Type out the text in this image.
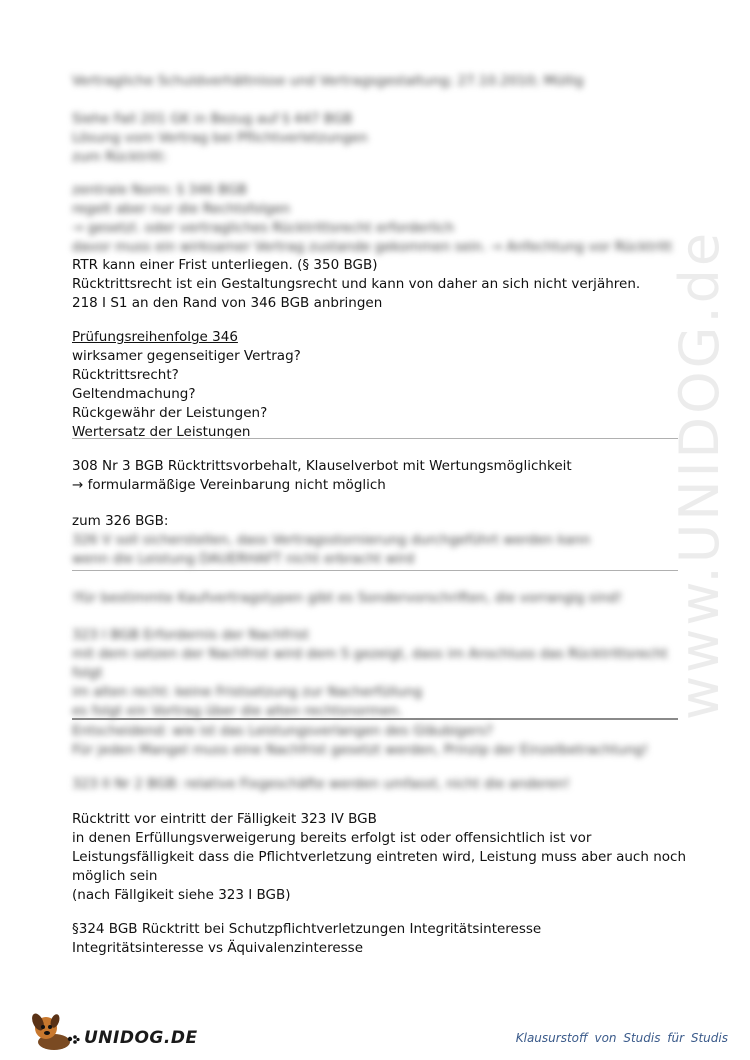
www.UNIDOG.de
Vertragliche Schuldverhältnisse und Vertragsgestaltung; 27.10.2010; Müllig
Siehe Fall 201 GK in Bezug auf § 447 BGB
Lösung vom Vertrag bei Pflichtverletzungen
zum Rücktritt:
zentrale Norm: § 346 BGB
regelt aber nur die Rechtsfolgen
→ gesetzl. oder vertragliches Rücktrittsrecht erforderlich
davor muss ein wirksamer Vertrag zustande gekommen sein. → Anfechtung vor Rücktritt
RTR kann einer Frist unterliegen. (§ 350 BGB)
Rücktrittsrecht ist ein Gestaltungsrecht und kann von daher an sich nicht verjähren.
218 I S1 an den Rand von 346 BGB anbringen
Prüfungsreihenfolge 346
wirksamer gegenseitiger Vertrag?
Rücktrittsrecht?
Geltendmachung?
Rückgewähr der Leistungen?
Wertersatz der Leistungen
308 Nr 3 BGB Rücktrittsvorbehalt, Klauselverbot mit Wertungsmöglichkeit
→ formularmäßige Vereinbarung nicht möglich
zum 326 BGB:
326 V soll sicherstellen, dass Vertragsstornierung durchgeführt werden kann
wenn die Leistung DAUERHAFT nicht erbracht wird
!für bestimmte Kaufvertragstypen gibt es Sondervorschriften, die vorrangig sind!
323 I BGB Erfordernis der Nachfrist
mit dem setzen der Nachfrist wird dem S gezeigt, dass im Anschluss das Rücktrittsrecht
folgt
im alten recht: keine Fristsetzung zur Nacherfüllung
es folgt ein Vortrag über die alten rechtsnormen.
Entscheidend: wie ist das Leistungsverlangen des Gläubigers?
Für jeden Mangel muss eine Nachfrist gesetzt werden, Prinzip der Einzelbetrachtung!
323 II Nr 2 BGB: relative Fixgeschäfte werden umfasst, nicht die anderen!
Rücktritt vor eintritt der Fälligkeit 323 IV BGB
in denen Erfüllungsverweigerung bereits erfolgt ist oder offensichtlich ist vor
Leistungsfälligkeit dass die Pflichtverletzung eintreten wird, Leistung muss aber auch noch
möglich sein
(nach Fällgikeit siehe 323 I BGB)
§324 BGB Rücktritt bei Schutzpflichtverletzungen Integritätsinteresse
Integritätsinteresse vs Äquivalenzinteresse
UNIDOG.DE	Klausurstoff von Studis für Studis
